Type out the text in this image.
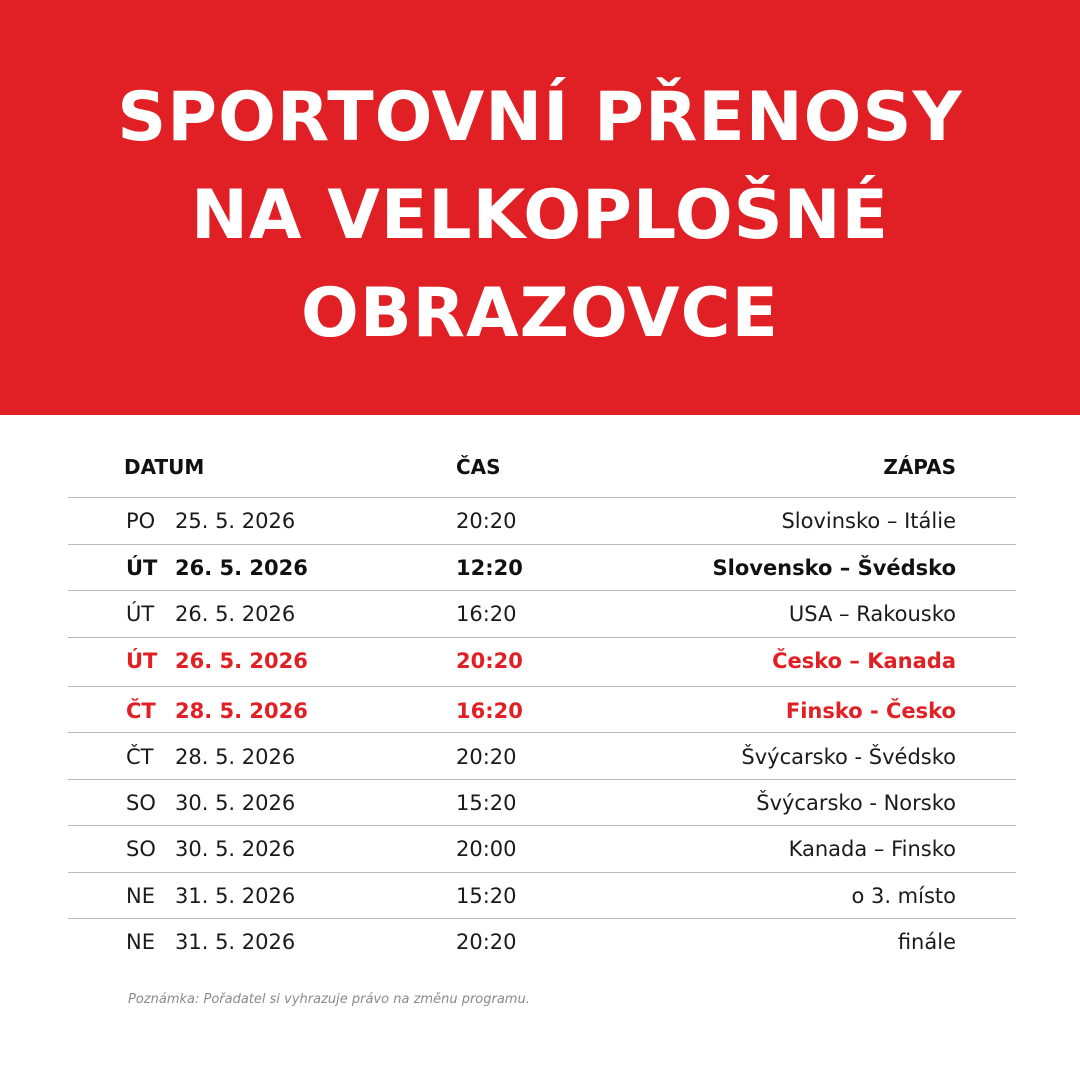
SPORTOVNÍ PŘENOSY
NA VELKOPLOŠNÉ
OBRAZOVCE
DATUM	ČAS	ZÁPAS
PO 25. 5. 2026	20:20	Slovinsko – Itálie
ÚT 26. 5. 2026	12:20	Slovensko – Švédsko
ÚT 26. 5. 2026	16:20	USA – Rakousko
ÚT 26. 5. 2026	20:20	Česko – Kanada
ČT 28. 5. 2026	16:20	Finsko - Česko
ČT 28. 5. 2026	20:20	Švýcarsko - Švédsko
SO 30. 5. 2026	15:20	Švýcarsko - Norsko
SO 30. 5. 2026	20:00	Kanada – Finsko
NE 31. 5. 2026	15:20	o 3. místo
NE 31. 5. 2026	20:20	finále
Poznámka: Pořadatel si vyhrazuje právo na změnu programu.
